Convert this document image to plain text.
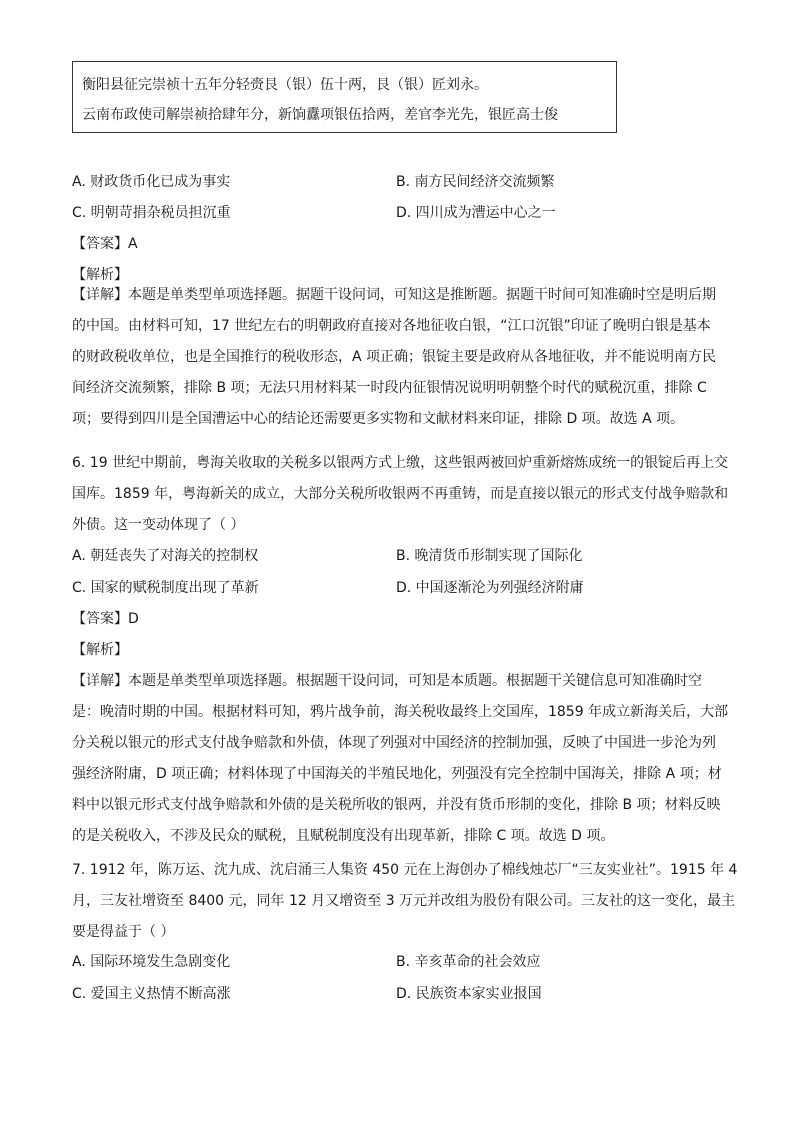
衡阳县征完崇祯十五年分轻赍艮（银）伍十两，艮（银）匠刘永。
云南布政使司解崇祯拾肆年分，新饷纛项银伍拾两，差官李光先，银匠高士俊
A. 财政货币化已成为事实	B. 南方民间经济交流频繁
C. 明朝苛捐杂税员担沉重	D. 四川成为漕运中心之一
【答案】A
【解析】
【详解】本题是单类型单项选择题。据题干设问词，可知这是推断题。据题干时间可知准确时空是明后期
的中国。由材料可知，17 世纪左右的明朝政府直接对各地征收白银，“江口沉银”印证了晚明白银是基本
的财政税收单位，也是全国推行的税收形态，A 项正确；银锭主要是政府从各地征收，并不能说明南方民
间经济交流频繁，排除 B 项；无法只用材料某一时段内征银情况说明明朝整个时代的赋税沉重，排除 C
项；要得到四川是全国漕运中心的结论还需要更多实物和文献材料来印证，排除 D 项。故选 A 项。
6. 19 世纪中期前，粤海关收取的关税多以银两方式上缴，这些银两被回炉重新熔炼成统一的银锭后再上交
国库。1859 年，粤海新关的成立，大部分关税所收银两不再重铸，而是直接以银元的形式支付战争赔款和
外债。这一变动体现了（ ）
A. 朝廷丧失了对海关的控制权	B. 晚清货币形制实现了国际化
C. 国家的赋税制度出现了革新	D. 中国逐渐沦为列强经济附庸
【答案】D
【解析】
【详解】本题是单类型单项选择题。根据题干设问词，可知是本质题。根据题干关键信息可知准确时空
是：晚清时期的中国。根据材料可知，鸦片战争前，海关税收最终上交国库，1859 年成立新海关后，大部
分关税以银元的形式支付战争赔款和外债，体现了列强对中国经济的控制加强，反映了中国进一步沦为列
强经济附庸，D 项正确；材料体现了中国海关的半殖民地化，列强没有完全控制中国海关，排除 A 项；材
料中以银元形式支付战争赔款和外债的是关税所收的银两，并没有货币形制的变化，排除 B 项；材料反映
的是关税收入，不涉及民众的赋税，且赋税制度没有出现革新，排除 C 项。故选 D 项。
7. 1912 年，陈万运、沈九成、沈启涌三人集资 450 元在上海创办了棉线烛芯厂“三友实业社”。1915 年 4
月，三友社增资至 8400 元，同年 12 月又增资至 3 万元并改组为股份有限公司。三友社的这一变化，最主
要是得益于（ ）
A. 国际环境发生急剧变化	B. 辛亥革命的社会效应
C. 爱国主义热情不断高涨	D. 民族资本家实业报国
